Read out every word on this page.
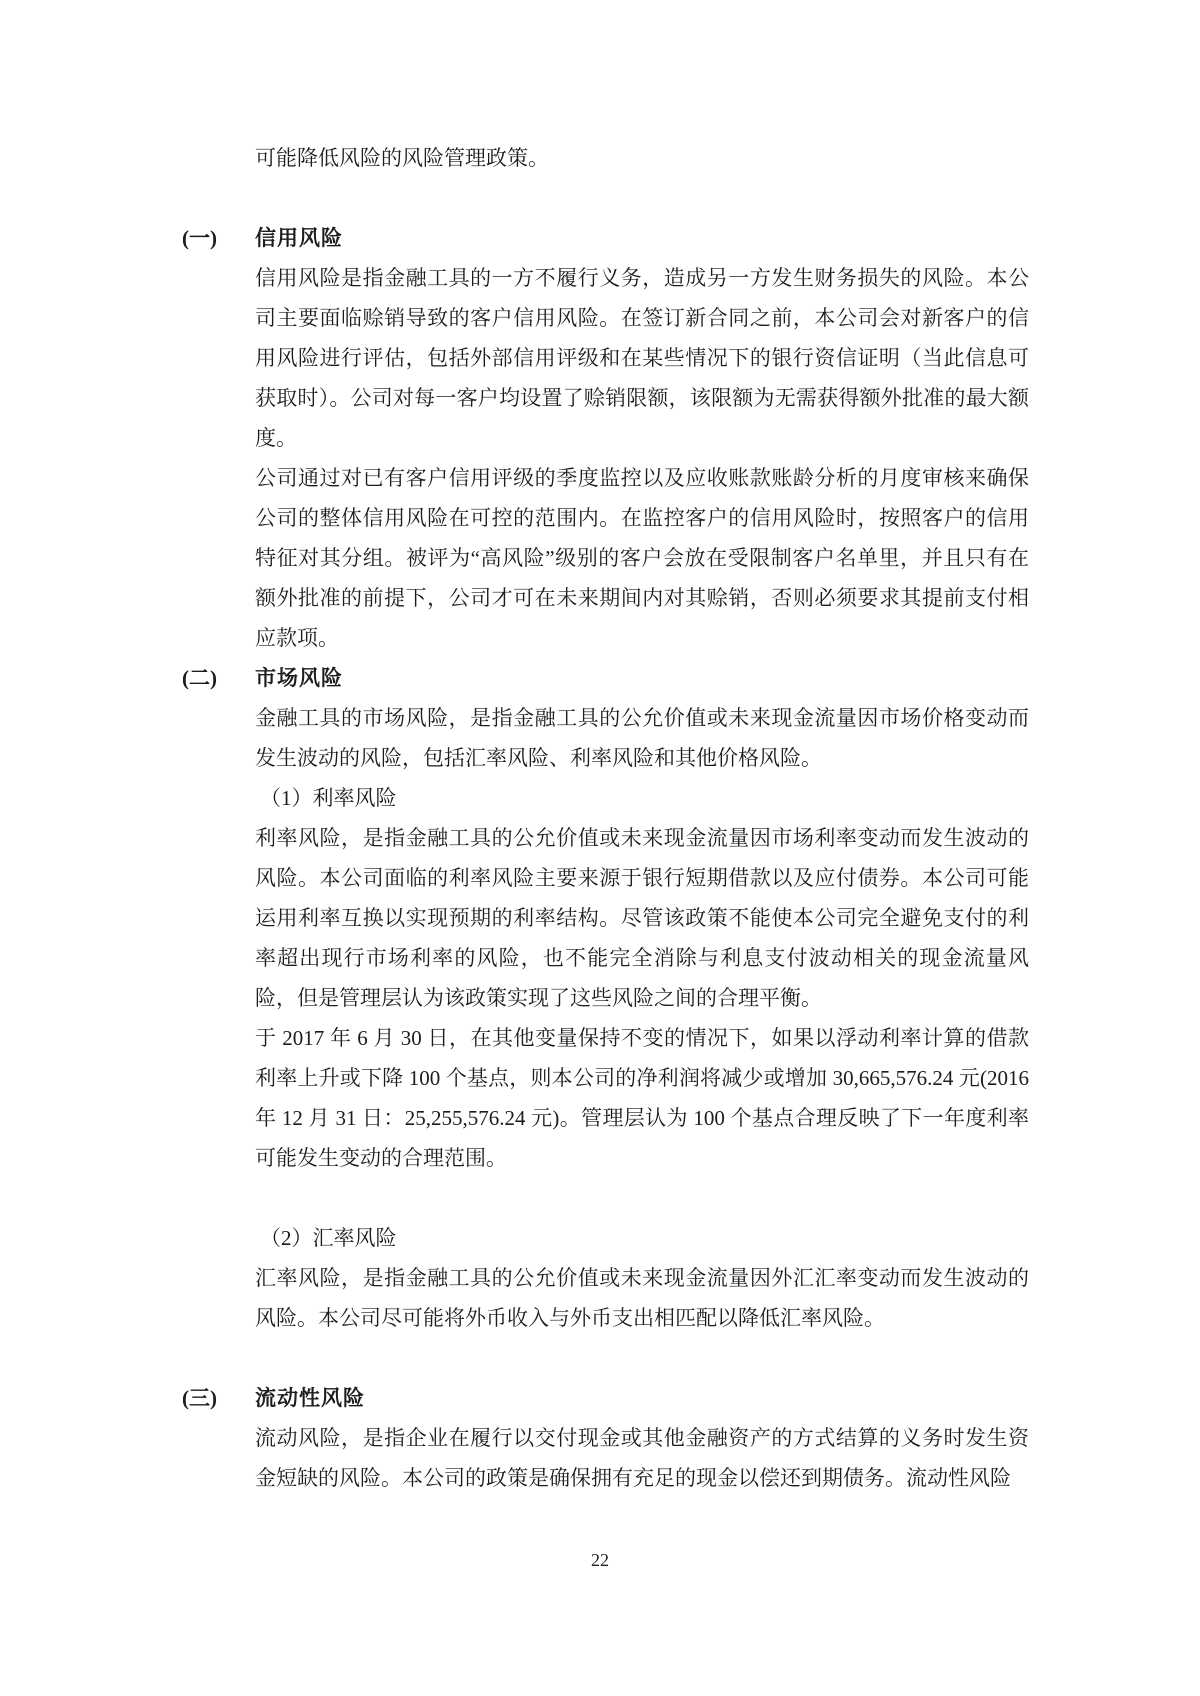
可能降低风险的风险管理政策。

(一)	信用风险

信用风险是指金融工具的一方不履行义务，造成另一方发生财务损失的风险。本公司主要面临赊销导致的客户信用风险。在签订新合同之前，本公司会对新客户的信用风险进行评估，包括外部信用评级和在某些情况下的银行资信证明（当此信息可获取时）。公司对每一客户均设置了赊销限额，该限额为无需获得额外批准的最大额度。

公司通过对已有客户信用评级的季度监控以及应收账款账龄分析的月度审核来确保公司的整体信用风险在可控的范围内。在监控客户的信用风险时，按照客户的信用特征对其分组。被评为“高风险”级别的客户会放在受限制客户名单里，并且只有在额外批准的前提下，公司才可在未来期间内对其赊销，否则必须要求其提前支付相应款项。

(二)	市场风险

金融工具的市场风险，是指金融工具的公允价值或未来现金流量因市场价格变动而发生波动的风险，包括汇率风险、利率风险和其他价格风险。

（1）利率风险

利率风险，是指金融工具的公允价值或未来现金流量因市场利率变动而发生波动的风险。本公司面临的利率风险主要来源于银行短期借款以及应付债券。本公司可能运用利率互换以实现预期的利率结构。尽管该政策不能使本公司完全避免支付的利率超出现行市场利率的风险，也不能完全消除与利息支付波动相关的现金流量风险，但是管理层认为该政策实现了这些风险之间的合理平衡。

于 2017 年 6 月 30 日，在其他变量保持不变的情况下，如果以浮动利率计算的借款利率上升或下降 100 个基点，则本公司的净利润将减少或增加 30,665,576.24 元(2016 年 12 月 31 日：25,255,576.24 元)。管理层认为 100 个基点合理反映了下一年度利率可能发生变动的合理范围。

（2）汇率风险

汇率风险，是指金融工具的公允价值或未来现金流量因外汇汇率变动而发生波动的风险。本公司尽可能将外币收入与外币支出相匹配以降低汇率风险。

(三)	流动性风险

流动风险，是指企业在履行以交付现金或其他金融资产的方式结算的义务时发生资金短缺的风险。本公司的政策是确保拥有充足的现金以偿还到期债务。流动性风险

22
